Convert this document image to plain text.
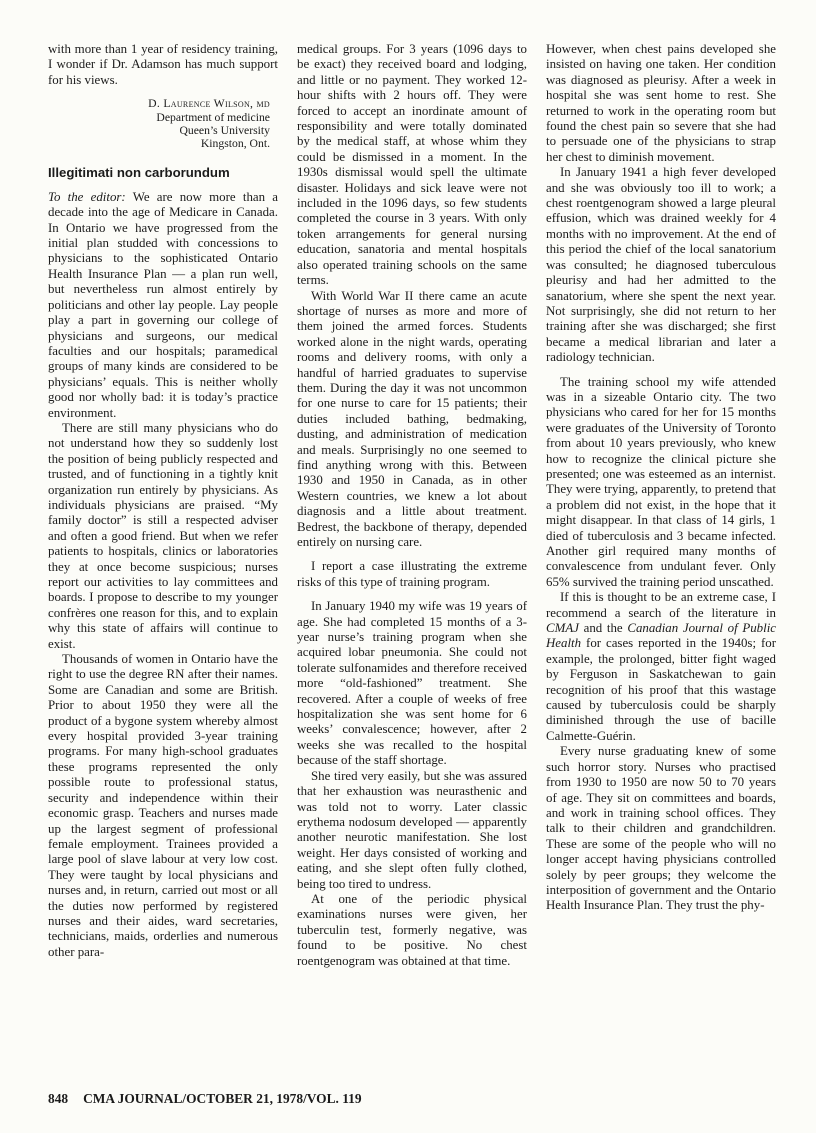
with more than 1 year of residency training, I wonder if Dr. Adamson has much support for his views.

D. Laurence Wilson, md
Department of medicine
Queen’s University
Kingston, Ont.
Illegitimati non carborundum

To the editor: We are now more than a decade into the age of Medicare in Canada. In Ontario we have progressed from the initial plan studded with concessions to physicians to the sophisticated Ontario Health Insurance Plan — a plan run well, but nevertheless run almost entirely by politicians and other lay people. Lay people play a part in governing our college of physicians and surgeons, our medical faculties and our hospitals; paramedical groups of many kinds are considered to be physicians’ equals. This is neither wholly good nor wholly bad: it is today’s practice environment.

There are still many physicians who do not understand how they so suddenly lost the position of being publicly respected and trusted, and of functioning in a tightly knit organization run entirely by physicians. As individuals physicians are praised. “My family doctor” is still a respected adviser and often a good friend. But when we refer patients to hospitals, clinics or laboratories they at once become suspicious; nurses report our activities to lay committees and boards. I propose to describe to my younger confrères one reason for this, and to explain why this state of affairs will continue to exist.

Thousands of women in Ontario have the right to use the degree RN after their names. Some are Canadian and some are British. Prior to about 1950 they were all the product of a bygone system whereby almost every hospital provided 3-year training programs. For many high-school graduates these programs represented the only possible route to professional status, security and independence within their economic grasp. Teachers and nurses made up the largest segment of professional female employment. Trainees provided a large pool of slave labour at very low cost. They were taught by local physicians and nurses and, in return, carried out most or all the duties now performed by registered nurses and their aides, ward secretaries, technicians, maids, orderlies and numerous other para-

medical groups. For 3 years (1096 days to be exact) they received board and lodging, and little or no payment. They worked 12-hour shifts with 2 hours off. They were forced to accept an inordinate amount of responsibility and were totally dominated by the medical staff, at whose whim they could be dismissed in a moment. In the 1930s dismissal would spell the ultimate disaster. Holidays and sick leave were not included in the 1096 days, so few students completed the course in 3 years. With only token arrangements for general nursing education, sanatoria and mental hospitals also operated training schools on the same terms.

With World War II there came an acute shortage of nurses as more and more of them joined the armed forces. Students worked alone in the night wards, operating rooms and delivery rooms, with only a handful of harried graduates to supervise them. During the day it was not uncommon for one nurse to care for 15 patients; their duties included bathing, bedmaking, dusting, and administration of medication and meals. Surprisingly no one seemed to find anything wrong with this. Between 1930 and 1950 in Canada, as in other Western countries, we knew a lot about diagnosis and a little about treatment. Bedrest, the backbone of therapy, depended entirely on nursing care.

I report a case illustrating the extreme risks of this type of training program.

In January 1940 my wife was 19 years of age. She had completed 15 months of a 3-year nurse’s training program when she acquired lobar pneumonia. She could not tolerate sulfonamides and therefore received more “old-fashioned” treatment. She recovered. After a couple of weeks of free hospitalization she was sent home for 6 weeks’ convalescence; however, after 2 weeks she was recalled to the hospital because of the staff shortage.

She tired very easily, but she was assured that her exhaustion was neurasthenic and was told not to worry. Later classic erythema nodosum developed — apparently another neurotic manifestation. She lost weight. Her days consisted of working and eating, and she slept often fully clothed, being too tired to undress.

At one of the periodic physical examinations nurses were given, her tuberculin test, formerly negative, was found to be positive. No chest roentgenogram was obtained at that time.

However, when chest pains developed she insisted on having one taken. Her condition was diagnosed as pleurisy. After a week in hospital she was sent home to rest. She returned to work in the operating room but found the chest pain so severe that she had to persuade one of the physicians to strap her chest to diminish movement.

In January 1941 a high fever developed and she was obviously too ill to work; a chest roentgenogram showed a large pleural effusion, which was drained weekly for 4 months with no improvement. At the end of this period the chief of the local sanatorium was consulted; he diagnosed tuberculous pleurisy and had her admitted to the sanatorium, where she spent the next year. Not surprisingly, she did not return to her training after she was discharged; she first became a medical librarian and later a radiology technician.

The training school my wife attended was in a sizeable Ontario city. The two physicians who cared for her for 15 months were graduates of the University of Toronto from about 10 years previously, who knew how to recognize the clinical picture she presented; one was esteemed as an internist. They were trying, apparently, to pretend that a problem did not exist, in the hope that it might disappear. In that class of 14 girls, 1 died of tuberculosis and 3 became infected. Another girl required many months of convalescence from undulant fever. Only 65% survived the training period unscathed.

If this is thought to be an extreme case, I recommend a search of the literature in CMAJ and the Canadian Journal of Public Health for cases reported in the 1940s; for example, the prolonged, bitter fight waged by Ferguson in Saskatchewan to gain recognition of his proof that this wastage caused by tuberculosis could be sharply diminished through the use of bacille Calmette-Guérin.

Every nurse graduating knew of some such horror story. Nurses who practised from 1930 to 1950 are now 50 to 70 years of age. They sit on committees and boards, and work in training school offices. They talk to their children and grandchildren. These are some of the people who will no longer accept having physicians controlled solely by peer groups; they welcome the interposition of government and the Ontario Health Insurance Plan. They trust the phy-

848 CMA JOURNAL/OCTOBER 21, 1978/VOL. 119
